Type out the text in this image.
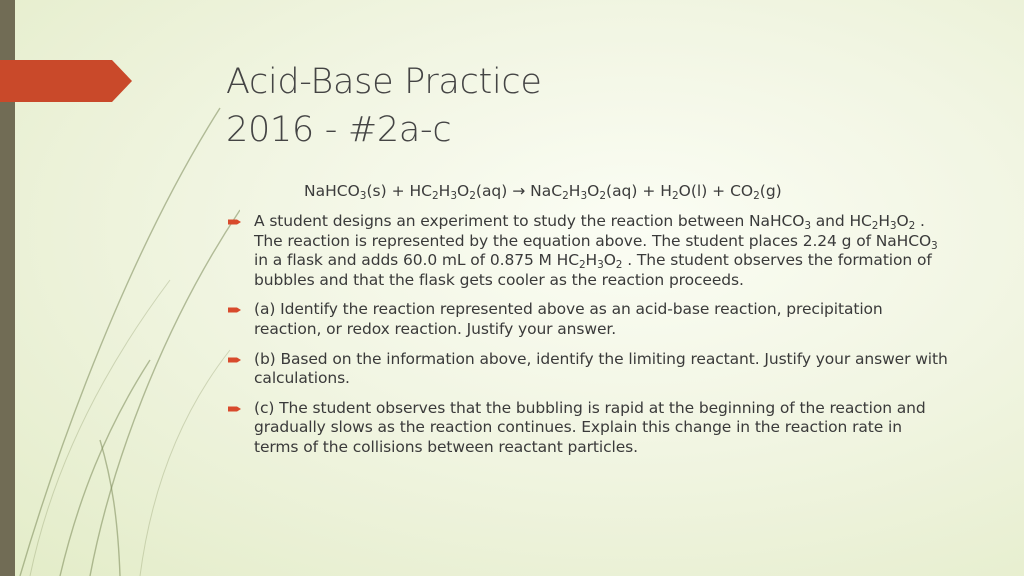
Acid-Base Practice
2016 - #2a-c
NaHCO$_3$(s) + $HC_2H_3O_2(aq) \to NaC_2H_3O_2(aq) + H_2O(l) + CO_2(g)$
A student designs an experiment to study the reaction between NaHCO$_3$ and $HC_2H_3O_2$ . The reaction is represented by the equation above. The student places 2.24 g of NaHCO$_3$ in a flask and adds 60.0 mL of 0.875 M $HC_2H_3O_2$ . The student observes the formation of bubbles and that the flask gets cooler as the reaction proceeds.
(a) Identify the reaction represented above as an acid-base reaction, precipitation reaction, or redox reaction. Justify your answer.
(b) Based on the information above, identify the limiting reactant. Justify your answer with calculations.
(c) The student observes that the bubbling is rapid at the beginning of the reaction and gradually slows as the reaction continues. Explain this change in the reaction rate in terms of the collisions between reactant particles.
